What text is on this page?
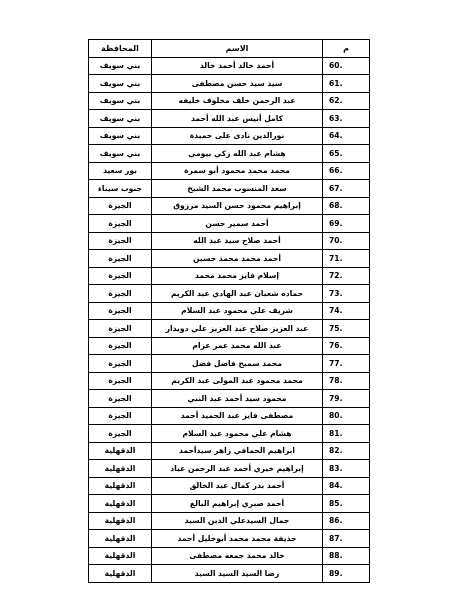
المحافظة	الاسم	م
بني سويف	أحمد خالد أحمد خالد	60.
بني سويف	سيد سيد حسن مصطفى	61.
بني سويف	عبد الرحمن خلف مخلوف خليفه	62.
بني سويف	كامل أنيس عبد الله أحمد	63.
بني سويف	نورالدين نادى على حميدة	64.
بني سويف	هشام عبد الله زكي بيومي	65.
بور سعيد	محمد محمد محمود أبو سمرة	66.
جنوب سيناء	سعد المنسوب محمد الشيخ	67.
الجيزة	إبراهيم محمود حسن السيد مرزوق	68.
الجيزة	أحمد سمير حسن	69.
الجيزة	أحمد صلاح سيد عبد الله	70.
الجيزة	أحمد محمد محمد حسين	71.
الجيزة	إسلام فايز محمد محمد	72.
الجيزة	حماده شعبان عبد الهادي عبد الكريم	73.
الجيزة	شريف علي محمود عبد السلام	74.
الجيزة	عبد العزيز صلاح عبد العزيز علي دويدار	75.
الجيزة	عبد الله محمد عمر عزام	76.
الجيزة	محمد سميح فاضل فضل	77.
الجيزة	محمد محمود عبد المولى عبد الكريم	78.
الجيزة	محمود سيد أحمد عبد النبي	79.
الجيزة	مصطفى فايز عبد الحميد أحمد	80.
الجيزة	هشام علي محمود عبد السلام	81.
الدقهلية	ابراهيم الحمافي زاهر سيدأحمد	82.
الدقهلية	إبراهيم خيري أحمد عبد الرحمن عياد	83.
الدقهلية	أحمد بدر كمال عبد الخالق	84.
الدقهلية	أحمد صبري إبراهيم البالغ	85.
الدقهلية	جمال السيدعلي الدين السيد	86.
الدقهلية	حذيفة محمد محمد أبوخليل أحمد	87.
الدقهلية	خالد محمد جمعه مصطفى	88.
الدقهلية	رضا السيد السيد السيد	89.
